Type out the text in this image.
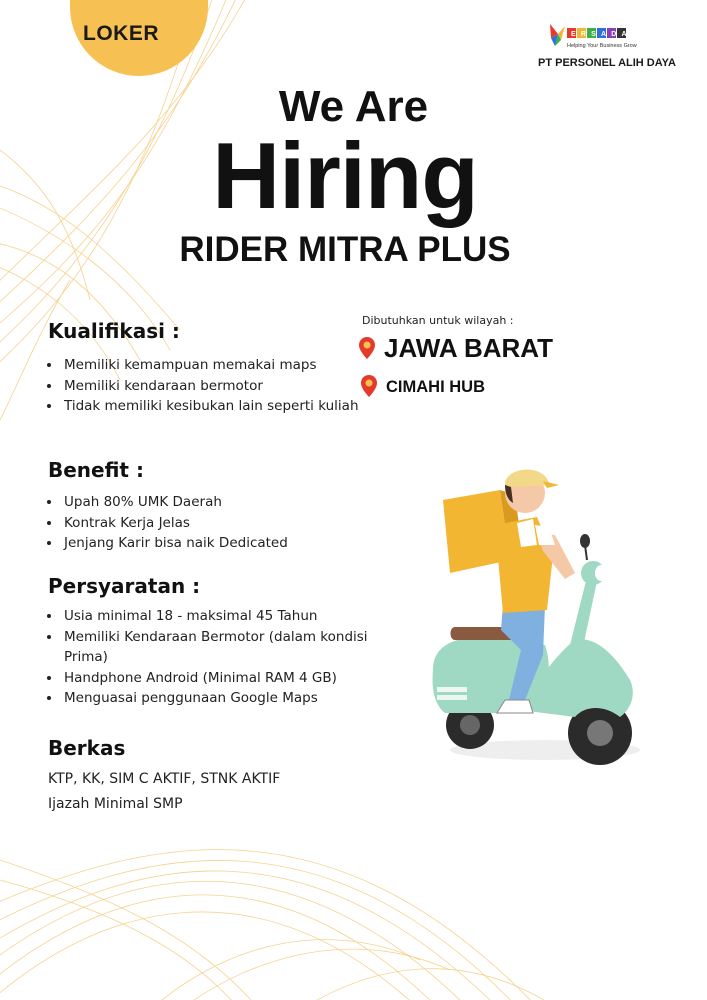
LOKER	ERSADA
Helping Your Business Grow
PT PERSONEL ALIH DAYA
We Are
Hiring
RIDER MITRA PLUS
Kualifikasi :
• Memiliki kemampuan memakai maps
• Memiliki kendaraan bermotor
• Tidak memiliki kesibukan lain seperti kuliah
Benefit :
• Upah 80% UMK Daerah
• Kontrak Kerja Jelas
• Jenjang Karir bisa naik Dedicated
Persyaratan :
• Usia minimal 18 - maksimal 45 Tahun
• Memiliki Kendaraan Bermotor (dalam kondisi Prima)
• Handphone Android (Minimal RAM 4 GB)
• Menguasai penggunaan Google Maps
Berkas
KTP, KK, SIM C AKTIF, STNK AKTIF
Ijazah Minimal SMP
Dibutuhkan untuk wilayah :
JAWA BARAT
CIMAHI HUB
